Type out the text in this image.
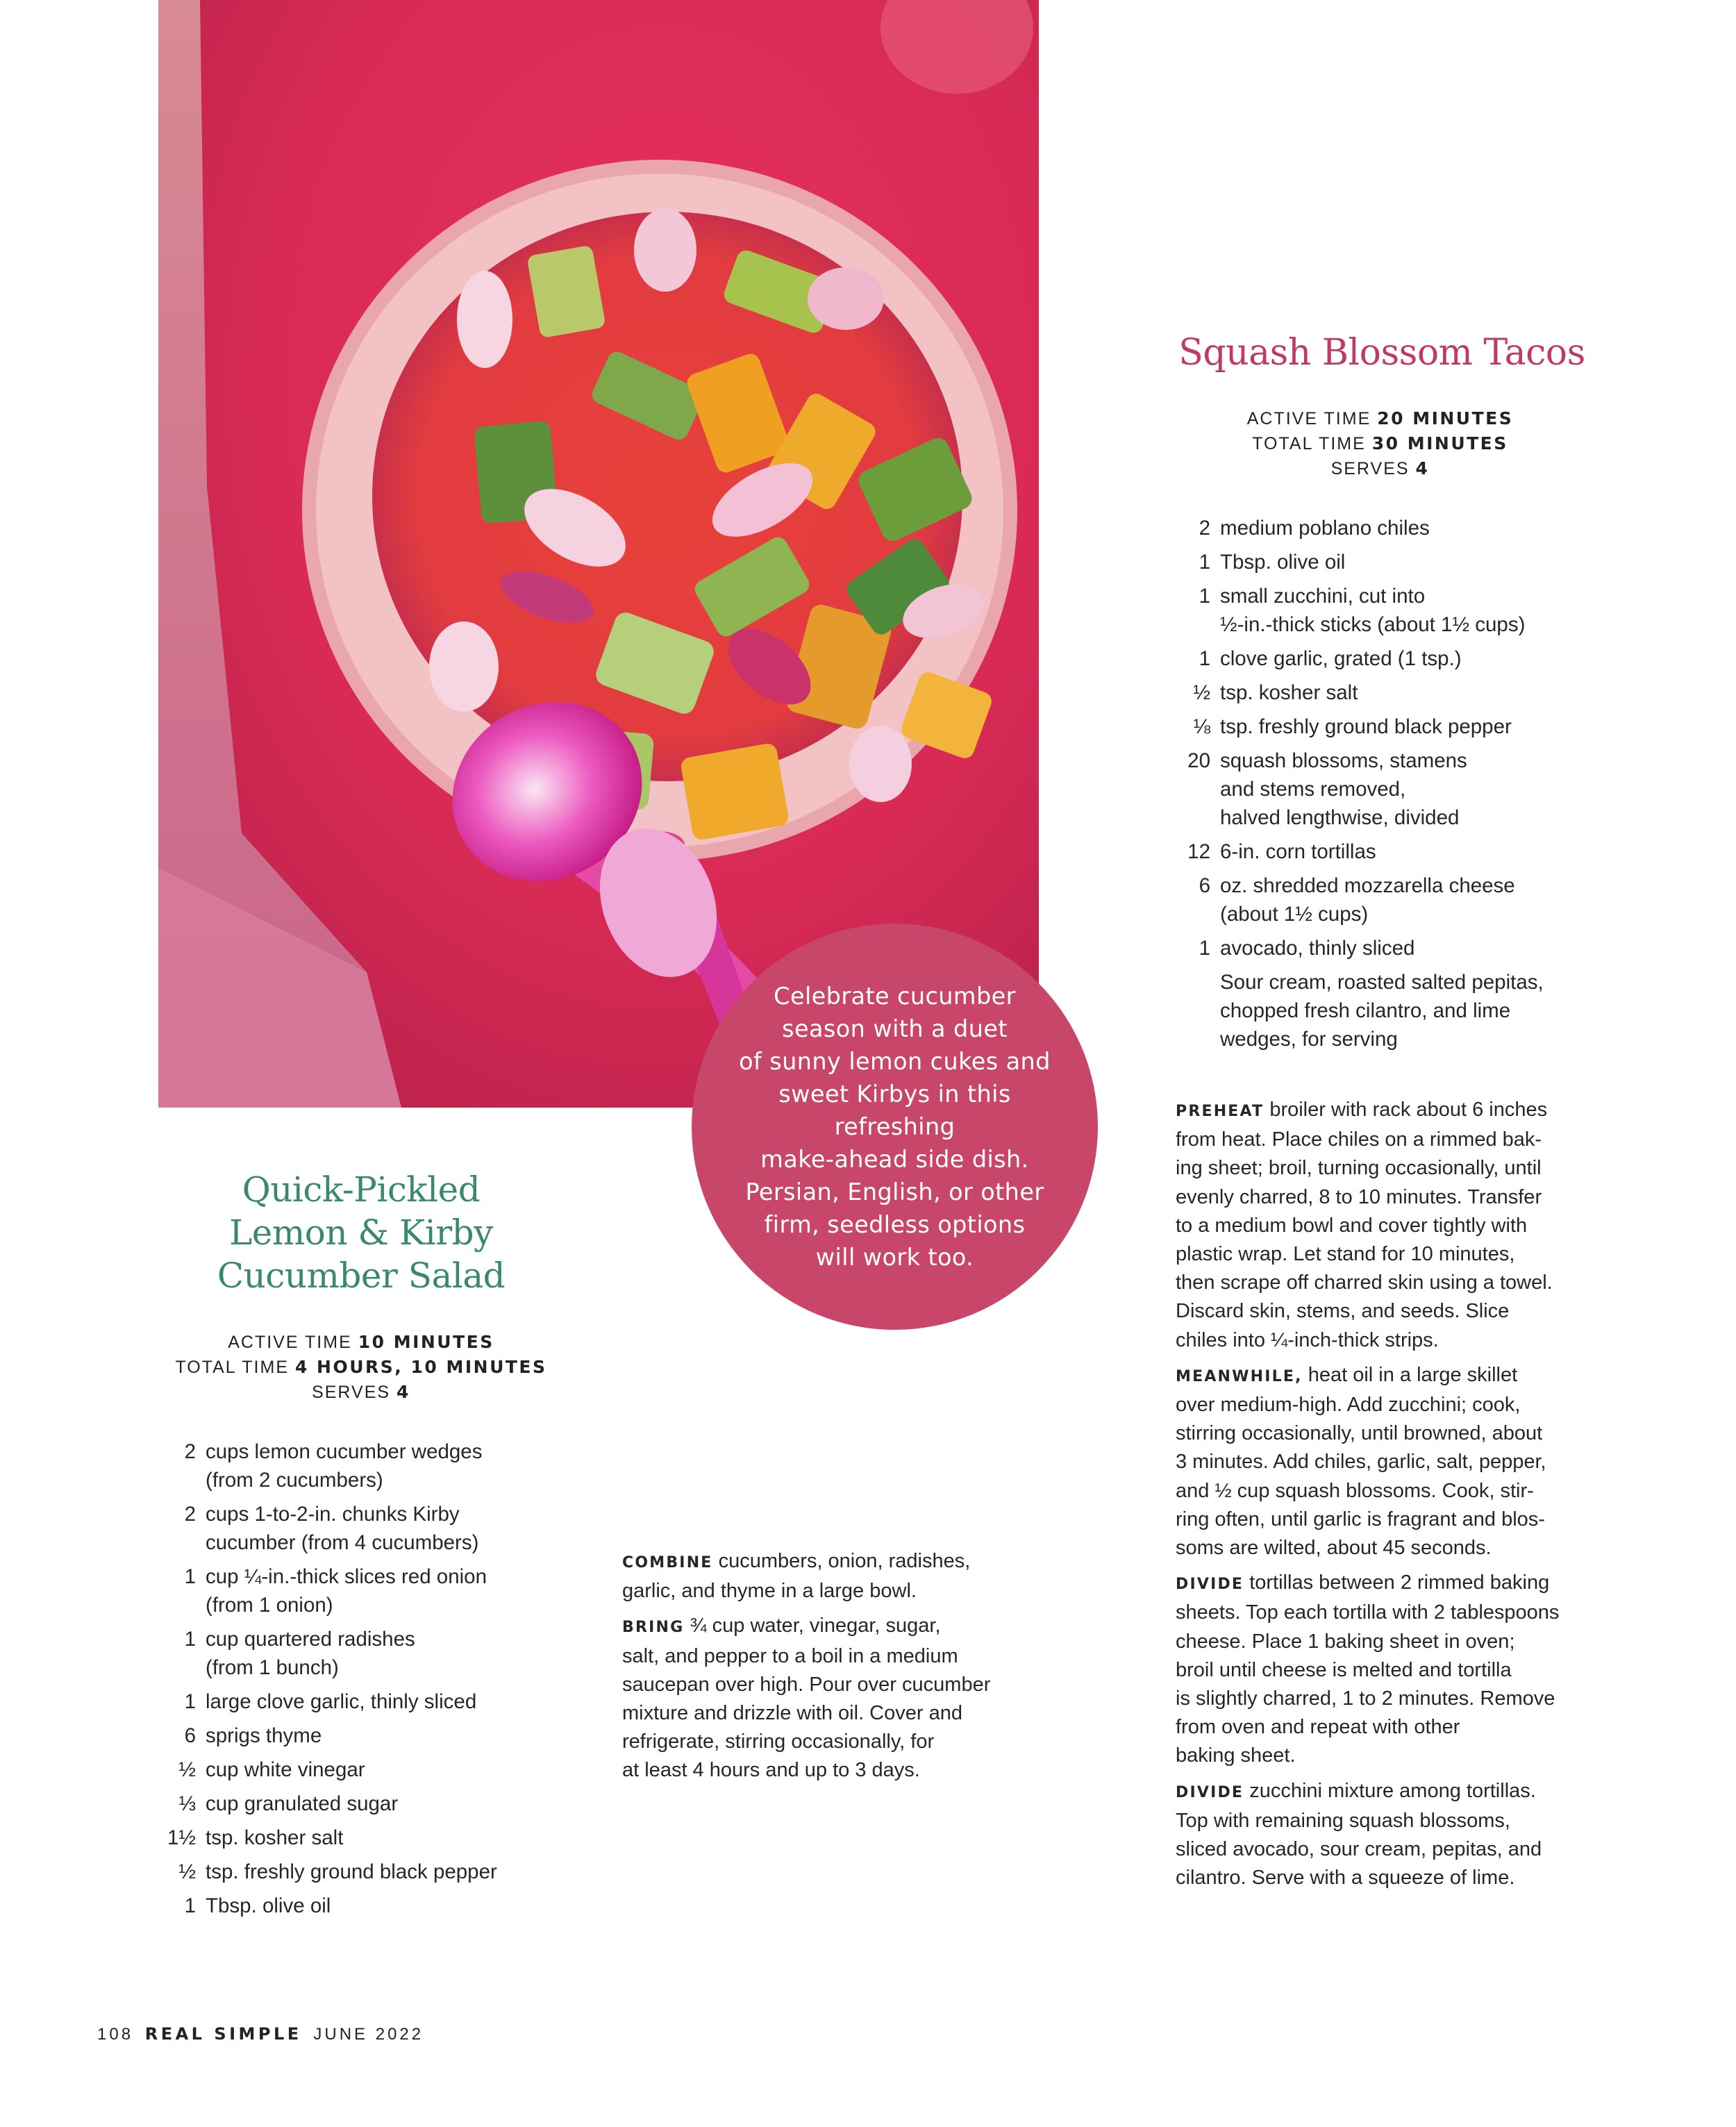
Celebrate cucumber
season with a duet
of sunny lemon cukes and
sweet Kirbys in this refreshing
make-ahead side dish.
Persian, English, or other
firm, seedless options
will work too.

Squash Blossom Tacos
ACTIVE TIME 20 MINUTES
TOTAL TIME 30 MINUTES
SERVES 4
2 medium poblano chiles
1 Tbsp. olive oil
1 small zucchini, cut into
½-in.-thick sticks (about 1½ cups)
1 clove garlic, grated (1 tsp.)
½ tsp. kosher salt
⅛ tsp. freshly ground black pepper
20 squash blossoms, stamens
and stems removed,
halved lengthwise, divided
12 6-in. corn tortillas
6 oz. shredded mozzarella cheese
(about 1½ cups)
1 avocado, thinly sliced
Sour cream, roasted salted pepitas,
chopped fresh cilantro, and lime
wedges, for serving

PREHEAT broiler with rack about 6 inches
from heat. Place chiles on a rimmed bak-
ing sheet; broil, turning occasionally, until
evenly charred, 8 to 10 minutes. Transfer
to a medium bowl and cover tightly with
plastic wrap. Let stand for 10 minutes,
then scrape off charred skin using a towel.
Discard skin, stems, and seeds. Slice
chiles into ¼-inch-thick strips.

MEANWHILE, heat oil in a large skillet
over medium-high. Add zucchini; cook,
stirring occasionally, until browned, about
3 minutes. Add chiles, garlic, salt, pepper,
and ½ cup squash blossoms. Cook, stir-
ring often, until garlic is fragrant and blos-
soms are wilted, about 45 seconds.

DIVIDE tortillas between 2 rimmed baking
sheets. Top each tortilla with 2 tablespoons
cheese. Place 1 baking sheet in oven;
broil until cheese is melted and tortilla
is slightly charred, 1 to 2 minutes. Remove
from oven and repeat with other
baking sheet.

DIVIDE zucchini mixture among tortillas.
Top with remaining squash blossoms,
sliced avocado, sour cream, pepitas, and
cilantro. Serve with a squeeze of lime.

Quick-Pickled
Lemon & Kirby
Cucumber Salad
ACTIVE TIME 10 MINUTES
TOTAL TIME 4 HOURS, 10 MINUTES
SERVES 4
2 cups lemon cucumber wedges
(from 2 cucumbers)
2 cups 1-to-2-in. chunks Kirby
cucumber (from 4 cucumbers)
1 cup ¼-in.-thick slices red onion
(from 1 onion)
1 cup quartered radishes
(from 1 bunch)
1 large clove garlic, thinly sliced
6 sprigs thyme
½ cup white vinegar
⅓ cup granulated sugar
1½ tsp. kosher salt
½ tsp. freshly ground black pepper
1 Tbsp. olive oil

COMBINE cucumbers, onion, radishes,
garlic, and thyme in a large bowl.

BRING ¾ cup water, vinegar, sugar,
salt, and pepper to a boil in a medium
saucepan over high. Pour over cucumber
mixture and drizzle with oil. Cover and
refrigerate, stirring occasionally, for
at least 4 hours and up to 3 days.

108 REAL SIMPLE JUNE 2022
